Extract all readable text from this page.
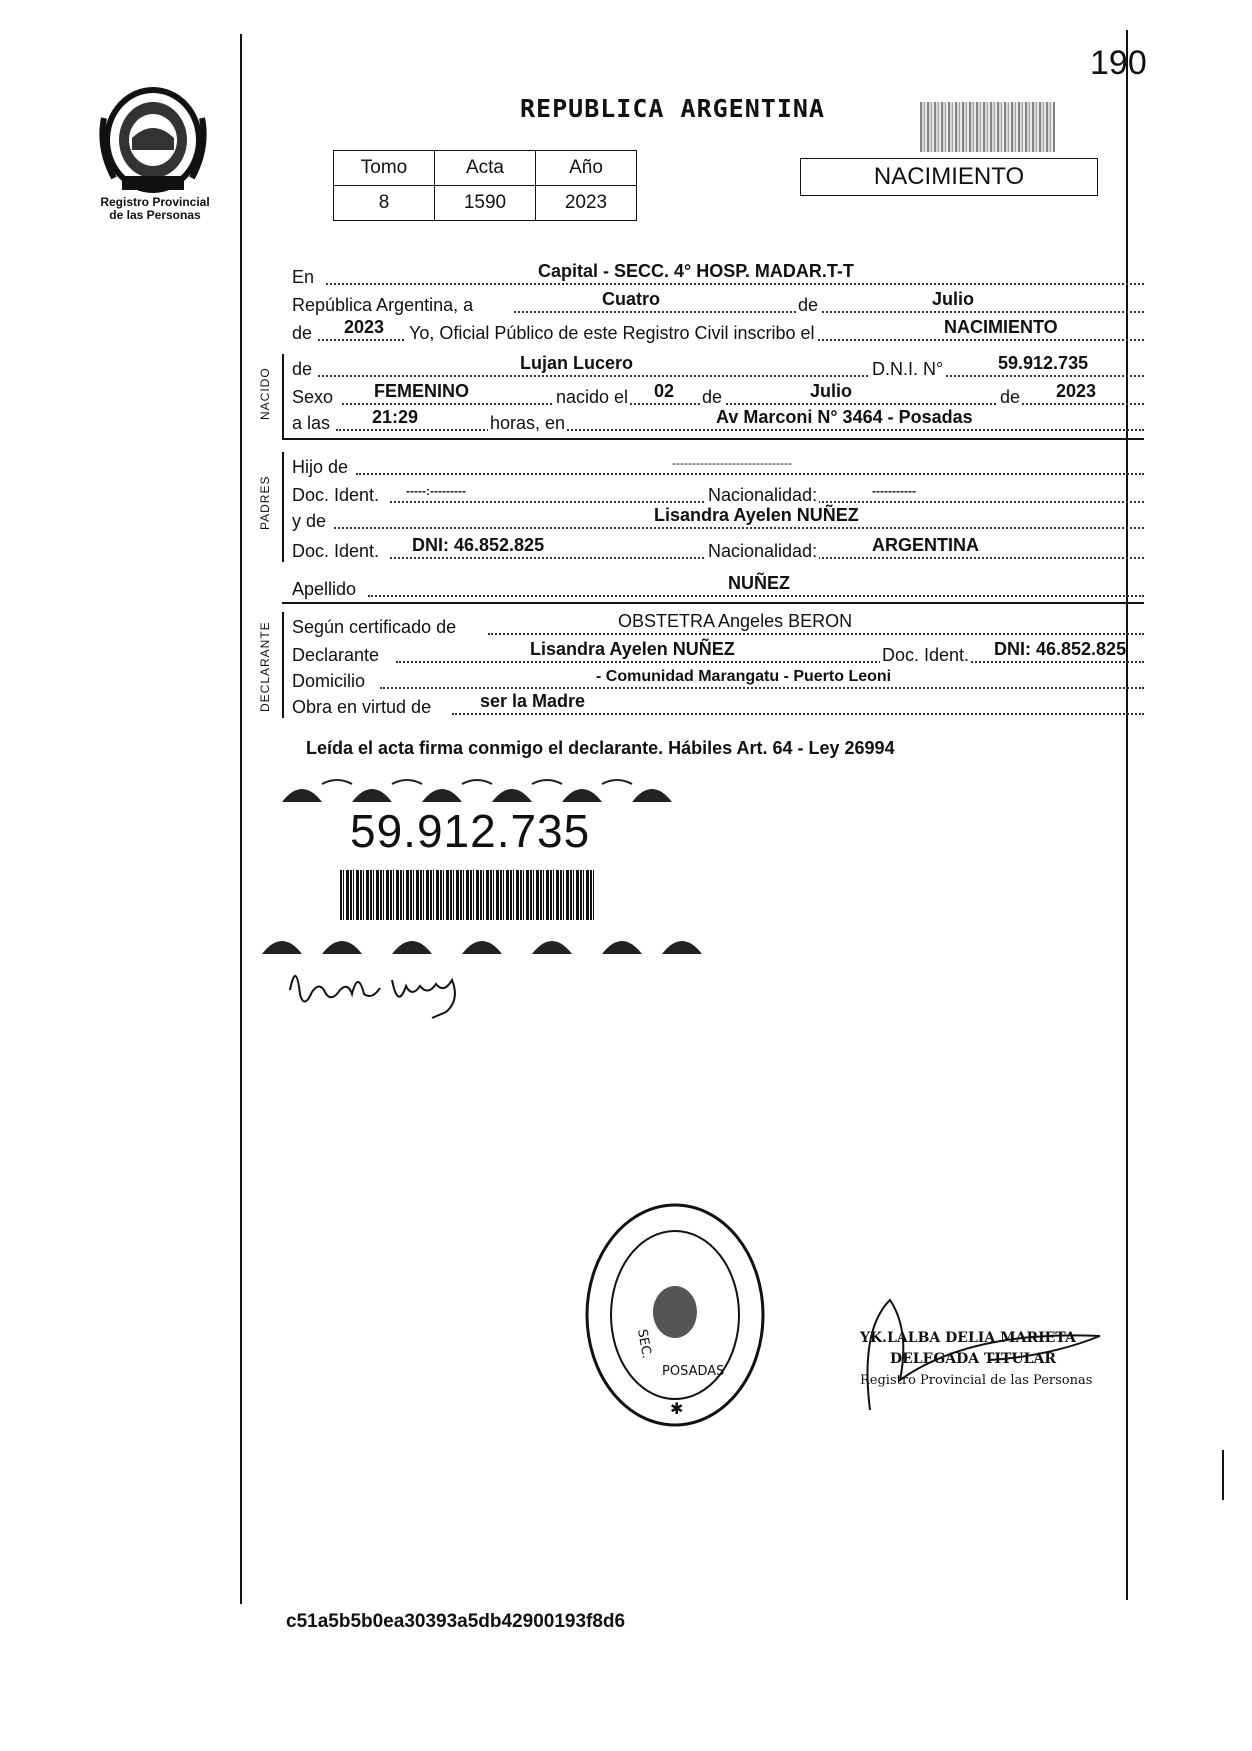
190
Registro Provincial
de las Personas
REPUBLICA ARGENTINA
NACIMIENTO
Tomo	Acta	Año
8	1590	2023
En	Capital - SECC. 4° HOSP. MADAR.T-T
República Argentina, a	Cuatro	de	Julio
de 2023 Yo, Oficial Público de este Registro Civil inscribo el	NACIMIENTO
NACIDO de	Lujan Lucero	D.N.I. N°	59.912.735
Sexo FEMENINO	nacido el 02 de	Julio	de 2023
a las 21:29	horas, en	Av Marconi N° 3464 - Posadas
PADRES
Hijo de	------------------------------
Doc. Ident. -----:---------	Nacionalidad:	-----------
y de	Lisandra Ayelen NUÑEZ
Doc. Ident. DNI: 46.852.825	Nacionalidad:	ARGENTINA
Apellido	NUÑEZ
DECLARANTE Según certificado de	OBSTETRA Angeles BERON
Declarante	Lisandra Ayelen NUÑEZ	Doc. Ident. DNI: 46.852.825
Domicilio	- Comunidad Marangatu - Puerto Leoni
Obra en virtud de	ser la Madre
Leída el acta firma conmigo el declarante. Hábiles Art. 64 - Ley 26994
59.912.735
SEC.
POSADAS
✱
YK.LALBA DELIA MARIETA
DELEGADA TITULAR
Registro Provincial de las Personas
c51a5b5b0ea30393a5db42900193f8d6
